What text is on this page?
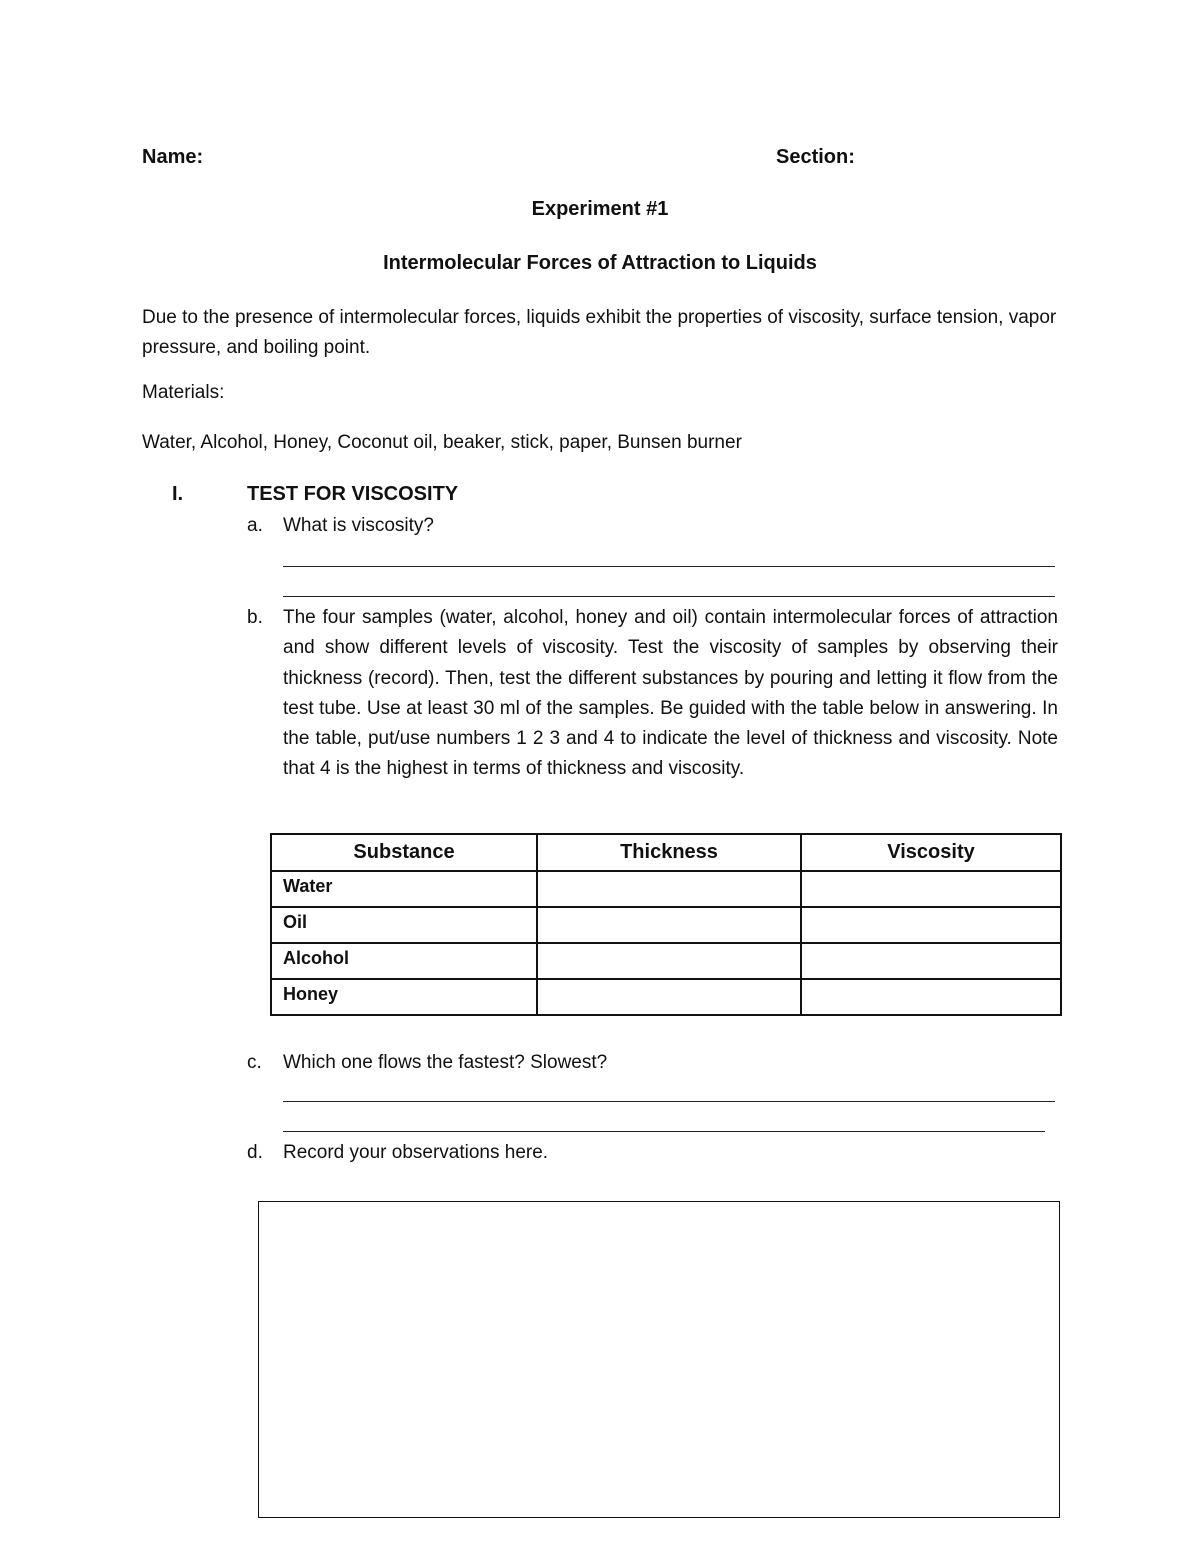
Name:	Section:
Experiment #1
Intermolecular Forces of Attraction to Liquids
Due to the presence of intermolecular forces, liquids exhibit the properties of viscosity, surface tension, vapor pressure, and boiling point.
Materials:
Water, Alcohol, Honey, Coconut oil, beaker, stick, paper, Bunsen burner
I.	TEST FOR VISCOSITY
a. What is viscosity?
b. The four samples (water, alcohol, honey and oil) contain intermolecular forces of attraction and show different levels of viscosity. Test the viscosity of samples by observing their thickness (record). Then, test the different substances by pouring and letting it flow from the test tube. Use at least 30 ml of the samples. Be guided with the table below in answering. In the table, put/use numbers 1 2 3 and 4 to indicate the level of thickness and viscosity. Note that 4 is the highest in terms of thickness and viscosity.
Substance	Thickness	Viscosity
Water		
Oil		
Alcohol		
Honey		
c. Which one flows the fastest? Slowest?
d. Record your observations here.
